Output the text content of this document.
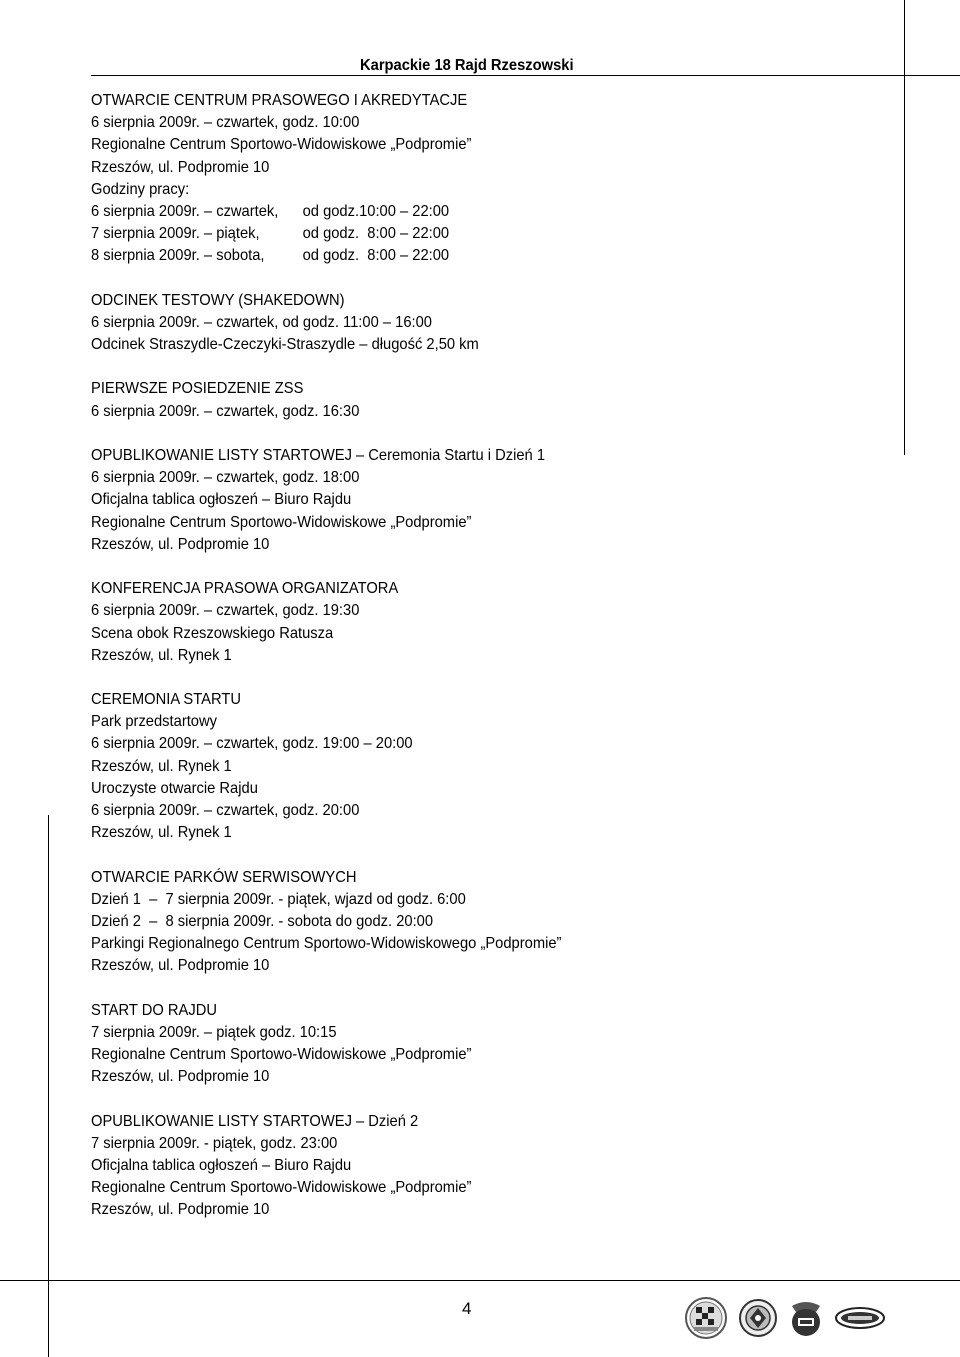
Karpackie 18 Rajd Rzeszowski
OTWARCIE CENTRUM PRASOWEGO I AKREDYTACJE
6 sierpnia 2009r. – czwartek, godz. 10:00
Regionalne Centrum Sportowo-Widowiskowe „Podpromie”
Rzeszów, ul. Podpromie 10
Godziny pracy:
6 sierpnia 2009r. – czwartek,	od godz.10:00 – 22:00
7 sierpnia 2009r. – piątek,	od godz.  8:00 – 22:00
8 sierpnia 2009r. – sobota,	od godz.  8:00 – 22:00
ODCINEK TESTOWY (SHAKEDOWN)
6 sierpnia 2009r. – czwartek, od godz. 11:00 – 16:00
Odcinek Straszydle-Czeczyki-Straszydle – długość 2,50 km
PIERWSZE POSIEDZENIE ZSS
6 sierpnia 2009r. – czwartek, godz. 16:30
OPUBLIKOWANIE LISTY STARTOWEJ – Ceremonia Startu i Dzień 1
6 sierpnia 2009r. – czwartek, godz. 18:00
Oficjalna tablica ogłoszeń – Biuro Rajdu
Regionalne Centrum Sportowo-Widowiskowe „Podpromie”
Rzeszów, ul. Podpromie 10
KONFERENCJA PRASOWA ORGANIZATORA
6 sierpnia 2009r. – czwartek, godz. 19:30
Scena obok Rzeszowskiego Ratusza
Rzeszów, ul. Rynek 1
CEREMONIA STARTU
Park przedstartowy
6 sierpnia 2009r. – czwartek, godz. 19:00 – 20:00
Rzeszów, ul. Rynek 1
Uroczyste otwarcie Rajdu
6 sierpnia 2009r. – czwartek, godz. 20:00
Rzeszów, ul. Rynek 1
OTWARCIE PARKÓW SERWISOWYCH
Dzień 1  –  7 sierpnia 2009r. - piątek, wjazd od godz. 6:00
Dzień 2  –  8 sierpnia 2009r. - sobota do godz. 20:00
Parkingi Regionalnego Centrum Sportowo-Widowiskowego „Podpromie”
Rzeszów, ul. Podpromie 10
START DO RAJDU
7 sierpnia 2009r. – piątek godz. 10:15
Regionalne Centrum Sportowo-Widowiskowe „Podpromie”
Rzeszów, ul. Podpromie 10
OPUBLIKOWANIE LISTY STARTOWEJ – Dzień 2
7 sierpnia 2009r. - piątek, godz. 23:00
Oficjalna tablica ogłoszeń – Biuro Rajdu
Regionalne Centrum Sportowo-Widowiskowe „Podpromie”
Rzeszów, ul. Podpromie 10
4
